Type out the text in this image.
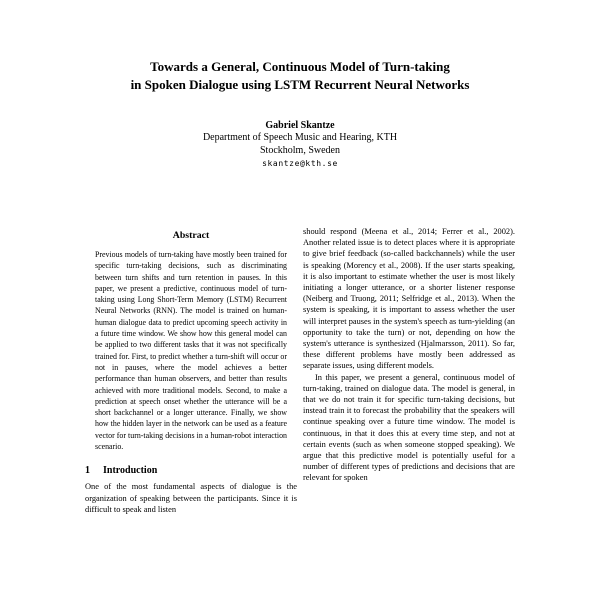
Towards a General, Continuous Model of Turn-taking
in Spoken Dialogue using LSTM Recurrent Neural Networks
Gabriel Skantze
Department of Speech Music and Hearing, KTH
Stockholm, Sweden
skantze@kth.se
Abstract

Previous models of turn-taking have mostly been trained for specific turn-taking decisions, such as discriminating between turn shifts and turn retention in pauses. In this paper, we present a predictive, continuous model of turn-taking using Long Short-Term Memory (LSTM) Recurrent Neural Networks (RNN). The model is trained on human-human dialogue data to predict upcoming speech activity in a future time window. We show how this general model can be applied to two different tasks that it was not specifically trained for. First, to predict whether a turn-shift will occur or not in pauses, where the model achieves a better performance than human observers, and better than results achieved with more traditional models. Second, to make a prediction at speech onset whether the utterance will be a short backchannel or a longer utterance. Finally, we show how the hidden layer in the network can be used as a feature vector for turn-taking decisions in a human-robot interaction scenario.

1 Introduction

One of the most fundamental aspects of dialogue is the organization of speaking between the participants. Since it is difficult to speak and listen

should respond (Meena et al., 2014; Ferrer et al., 2002). Another related issue is to detect places where it is appropriate to give brief feedback (so-called backchannels) while the user is speaking (Morency et al., 2008). If the user starts speaking, it is also important to estimate whether the user is most likely initiating a longer utterance, or a shorter listener response (Neiberg and Truong, 2011; Selfridge et al., 2013). When the system is speaking, it is important to assess whether the user will interpret pauses in the system's speech as turn-yielding (an opportunity to take the turn) or not, depending on how the system's utterance is synthesized (Hjalmarsson, 2011). So far, these different problems have mostly been addressed as separate issues, using different models.

In this paper, we present a general, continuous model of turn-taking, trained on dialogue data. The model is general, in that we do not train it for specific turn-taking decisions, but instead train it to forecast the probability that the speakers will continue speaking over a future time window. The model is continuous, in that it does this at every time step, and not at certain events (such as when someone stopped speaking). We argue that this predictive model is potentially useful for a number of different types of predictions and decisions that are relevant for spoken
